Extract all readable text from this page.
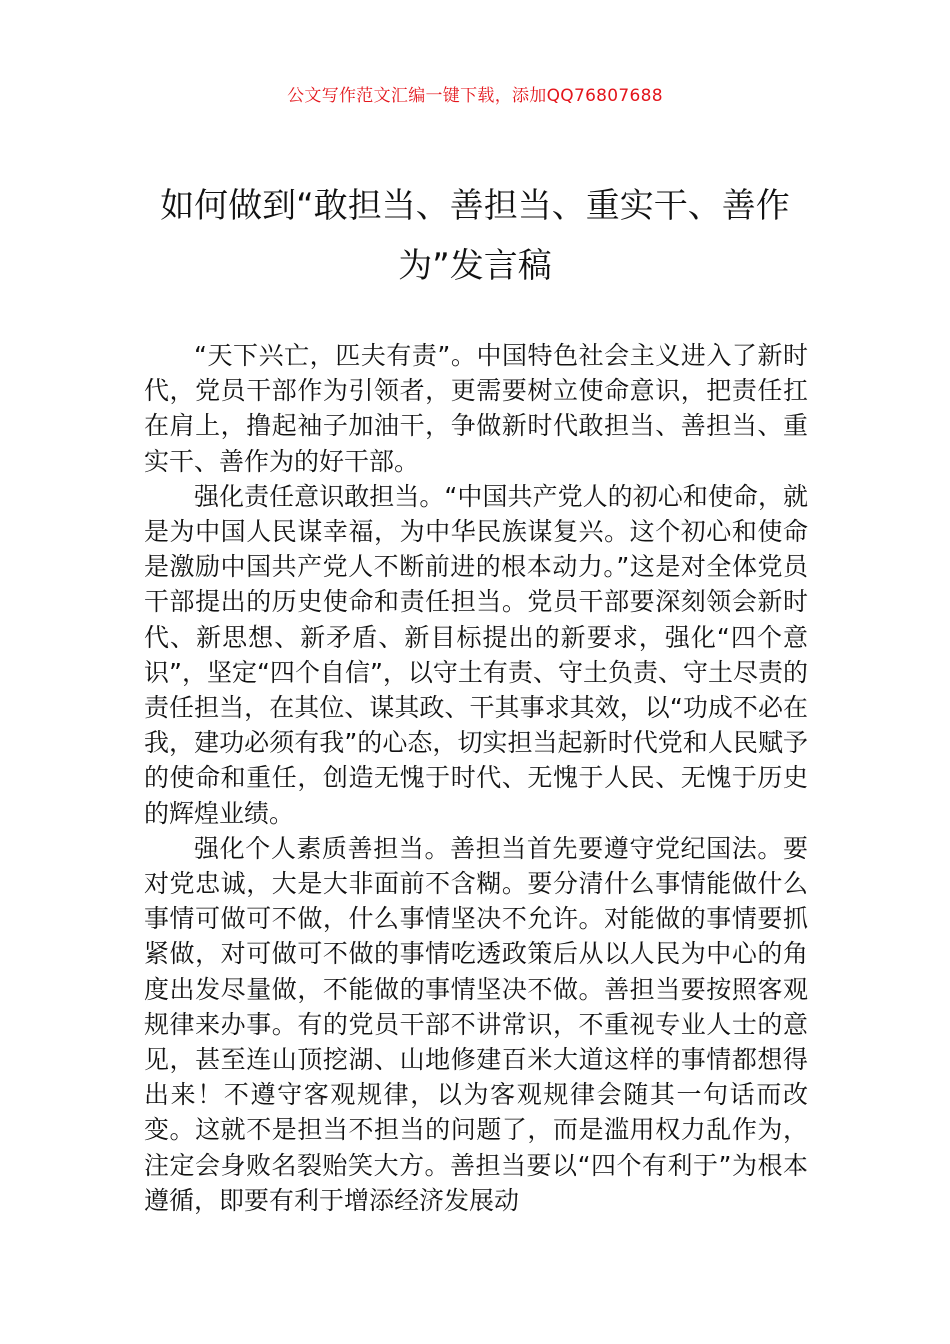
公文写作范文汇编一键下载，添加QQ76807688
如何做到“敢担当、善担当、重实干、善作为”发言稿

“天下兴亡，匹夫有责”。中国特色社会主义进入了新时代，党员干部作为引领者，更需要树立使命意识，把责任扛在肩上，撸起袖子加油干，争做新时代敢担当、善担当、重实干、善作为的好干部。

强化责任意识敢担当。“中国共产党人的初心和使命，就是为中国人民谋幸福，为中华民族谋复兴。这个初心和使命是激励中国共产党人不断前进的根本动力。”这是对全体党员干部提出的历史使命和责任担当。党员干部要深刻领会新时代、新思想、新矛盾、新目标提出的新要求，强化“四个意识”，坚定“四个自信”，以守土有责、守土负责、守土尽责的责任担当，在其位、谋其政、干其事求其效，以“功成不必在我，建功必须有我”的心态，切实担当起新时代党和人民赋予的使命和重任，创造无愧于时代、无愧于人民、无愧于历史的辉煌业绩。

强化个人素质善担当。善担当首先要遵守党纪国法。要对党忠诚，大是大非面前不含糊。要分清什么事情能做什么事情可做可不做，什么事情坚决不允许。对能做的事情要抓紧做，对可做可不做的事情吃透政策后从以人民为中心的角度出发尽量做，不能做的事情坚决不做。善担当要按照客观规律来办事。有的党员干部不讲常识，不重视专业人士的意见，甚至连山顶挖湖、山地修建百米大道这样的事情都想得出来！不遵守客观规律，以为客观规律会随其一句话而改变。这就不是担当不担当的问题了，而是滥用权力乱作为，注定会身败名裂贻笑大方。善担当要以“四个有利于”为根本遵循，即要有利于增添经济发展动
